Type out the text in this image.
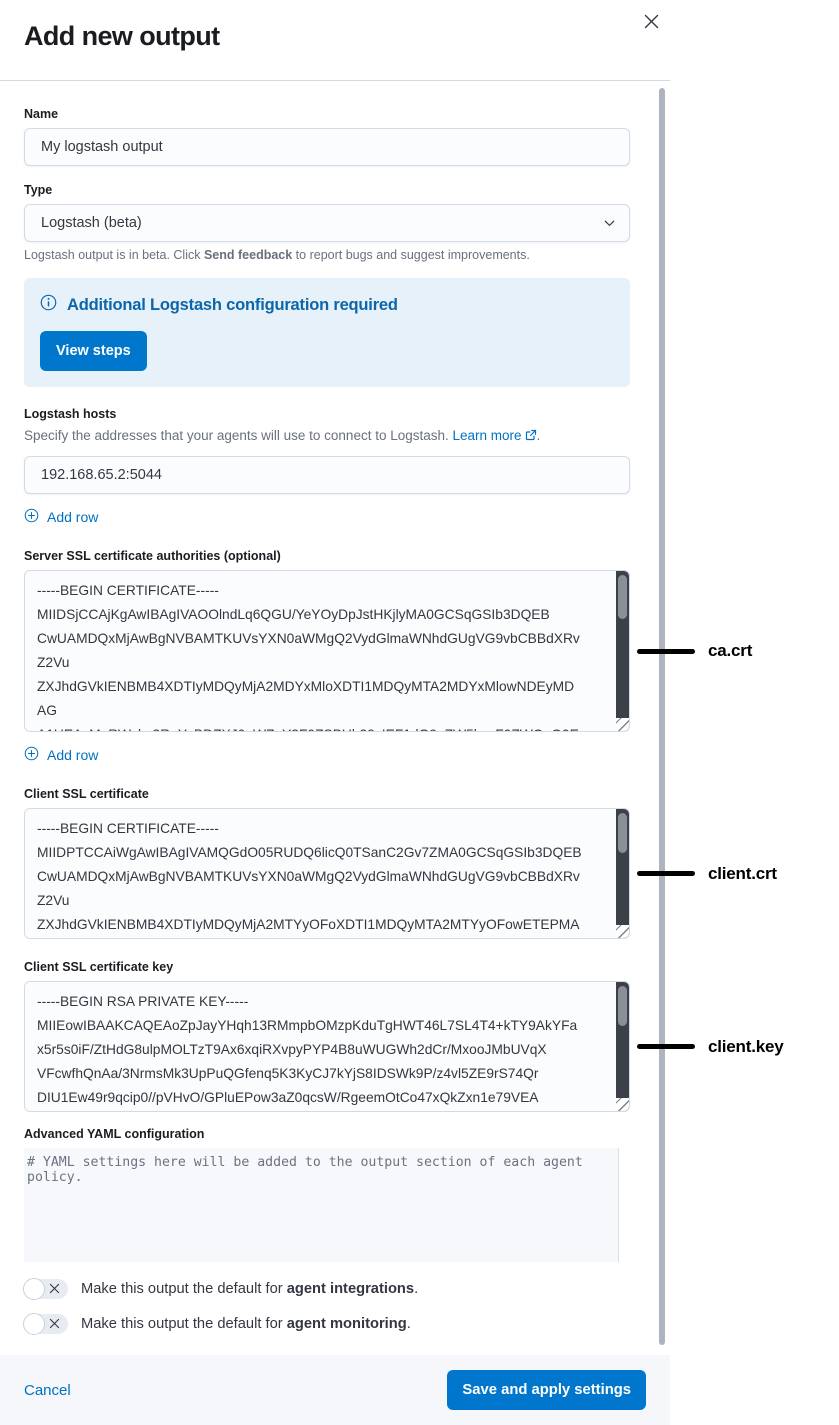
Add new output
Name
My logstash output
Type
Logstash (beta)
Logstash output is in beta. Click Send feedback to report bugs and suggest improvements.
Additional Logstash configuration required
View steps
Logstash hosts
Specify the addresses that your agents will use to connect to Logstash. Learn more .
192.168.65.2:5044
Add row
Server SSL certificate authorities (optional)
-----BEGIN CERTIFICATE----- MIIDSjCCAjKgAwIBAgIVAOOlndLq6QGU/YeYOyDpJstHKjlyMA0GCSqGSIb3DQEB CwUAMDQxMjAwBgNVBAMTKUVsYXN0aWMgQ2VydGlmaWNhdGUgVG9vbCBBdXRv Z2Vu ZXJhdGVkIENBMB4XDTIyMDQyMjA2MDYxMloXDTI1MDQyMTA2MDYxMlowNDEyMD AG A1UEAxMpRWxhc3RpYyBDZXJ0aWZpY2F0ZSBUb29sIEF1dG9nZW5lcmF0ZWQgQ0E
ca.crt
Add row
Client SSL certificate
-----BEGIN CERTIFICATE----- MIIDPTCCAiWgAwIBAgIVAMQGdO05RUDQ6licQ0TSanC2Gv7ZMA0GCSqGSIb3DQEB CwUAMDQxMjAwBgNVBAMTKUVsYXN0aWMgQ2VydGlmaWNhdGUgVG9vbCBBdXRv Z2Vu ZXJhdGVkIENBMB4XDTIyMDQyMjA2MTYyOFoXDTI1MDQyMTA2MTYyOFowETEPMA 0G
client.crt
Client SSL certificate key
-----BEGIN RSA PRIVATE KEY----- MIIEowIBAAKCAQEAoZpJayYHqh13RMmpbOMzpKduTgHWT46L7SL4T4+kTY9AkYFa x5r5s0iF/ZtHdG8ulpMOLTzT9Ax6xqiRXvpyPYP4B8uWUGWh2dCr/MxooJMbUVqX VFcwfhQnAa/3NrmsMk3UpPuQGfenq5K3KyCJ7kYjS8IDSWk9P/z4vl5ZE9rS74Qr DIU1Ew49r9qcip0//pVHvO/GPluEPow3aZ0qcsW/RgeemOtCo47xQkZxn1e79VEA UVYzGHoknKMvaneJii2be2aiwOl4OG7IpGvlWFzDt/iOODxD25m92SiWiqocXXDd
client.key
Advanced YAML configuration
# YAML settings here will be added to the output section of each agent policy.
Make this output the default for agent integrations.
Make this output the default for agent monitoring.
Cancel	Save and apply settings
